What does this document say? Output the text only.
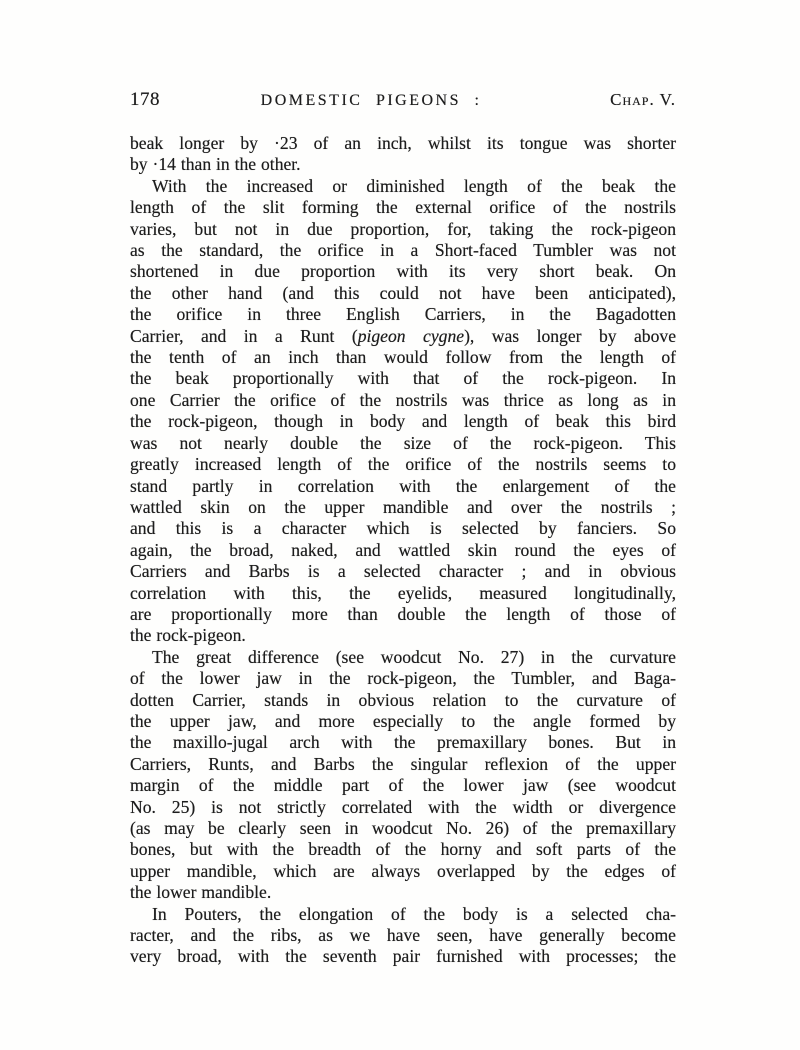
178	DOMESTIC PIGEONS :	Chap. V.
beak longer by ·23 of an inch, whilst its tongue was shorter
by ·14 than in the other.
With the increased or diminished length of the beak the
length of the slit forming the external orifice of the nostrils
varies, but not in due proportion, for, taking the rock-pigeon
as the standard, the orifice in a Short-faced Tumbler was not
shortened in due proportion with its very short beak. On
the other hand (and this could not have been anticipated),
the orifice in three English Carriers, in the Bagadotten
Carrier, and in a Runt (pigeon cygne), was longer by above
the tenth of an inch than would follow from the length of
the beak proportionally with that of the rock-pigeon. In
one Carrier the orifice of the nostrils was thrice as long as in
the rock-pigeon, though in body and length of beak this bird
was not nearly double the size of the rock-pigeon. This
greatly increased length of the orifice of the nostrils seems to
stand partly in correlation with the enlargement of the
wattled skin on the upper mandible and over the nostrils ;
and this is a character which is selected by fanciers. So
again, the broad, naked, and wattled skin round the eyes of
Carriers and Barbs is a selected character ; and in obvious
correlation with this, the eyelids, measured longitudinally,
are proportionally more than double the length of those of
the rock-pigeon.
The great difference (see woodcut No. 27) in the curvature
of the lower jaw in the rock-pigeon, the Tumbler, and Baga-
dotten Carrier, stands in obvious relation to the curvature of
the upper jaw, and more especially to the angle formed by
the maxillo-jugal arch with the premaxillary bones. But in
Carriers, Runts, and Barbs the singular reflexion of the upper
margin of the middle part of the lower jaw (see woodcut
No. 25) is not strictly correlated with the width or divergence
(as may be clearly seen in woodcut No. 26) of the premaxillary
bones, but with the breadth of the horny and soft parts of the
upper mandible, which are always overlapped by the edges of
the lower mandible.
In Pouters, the elongation of the body is a selected cha-
racter, and the ribs, as we have seen, have generally become
very broad, with the seventh pair furnished with processes; the
